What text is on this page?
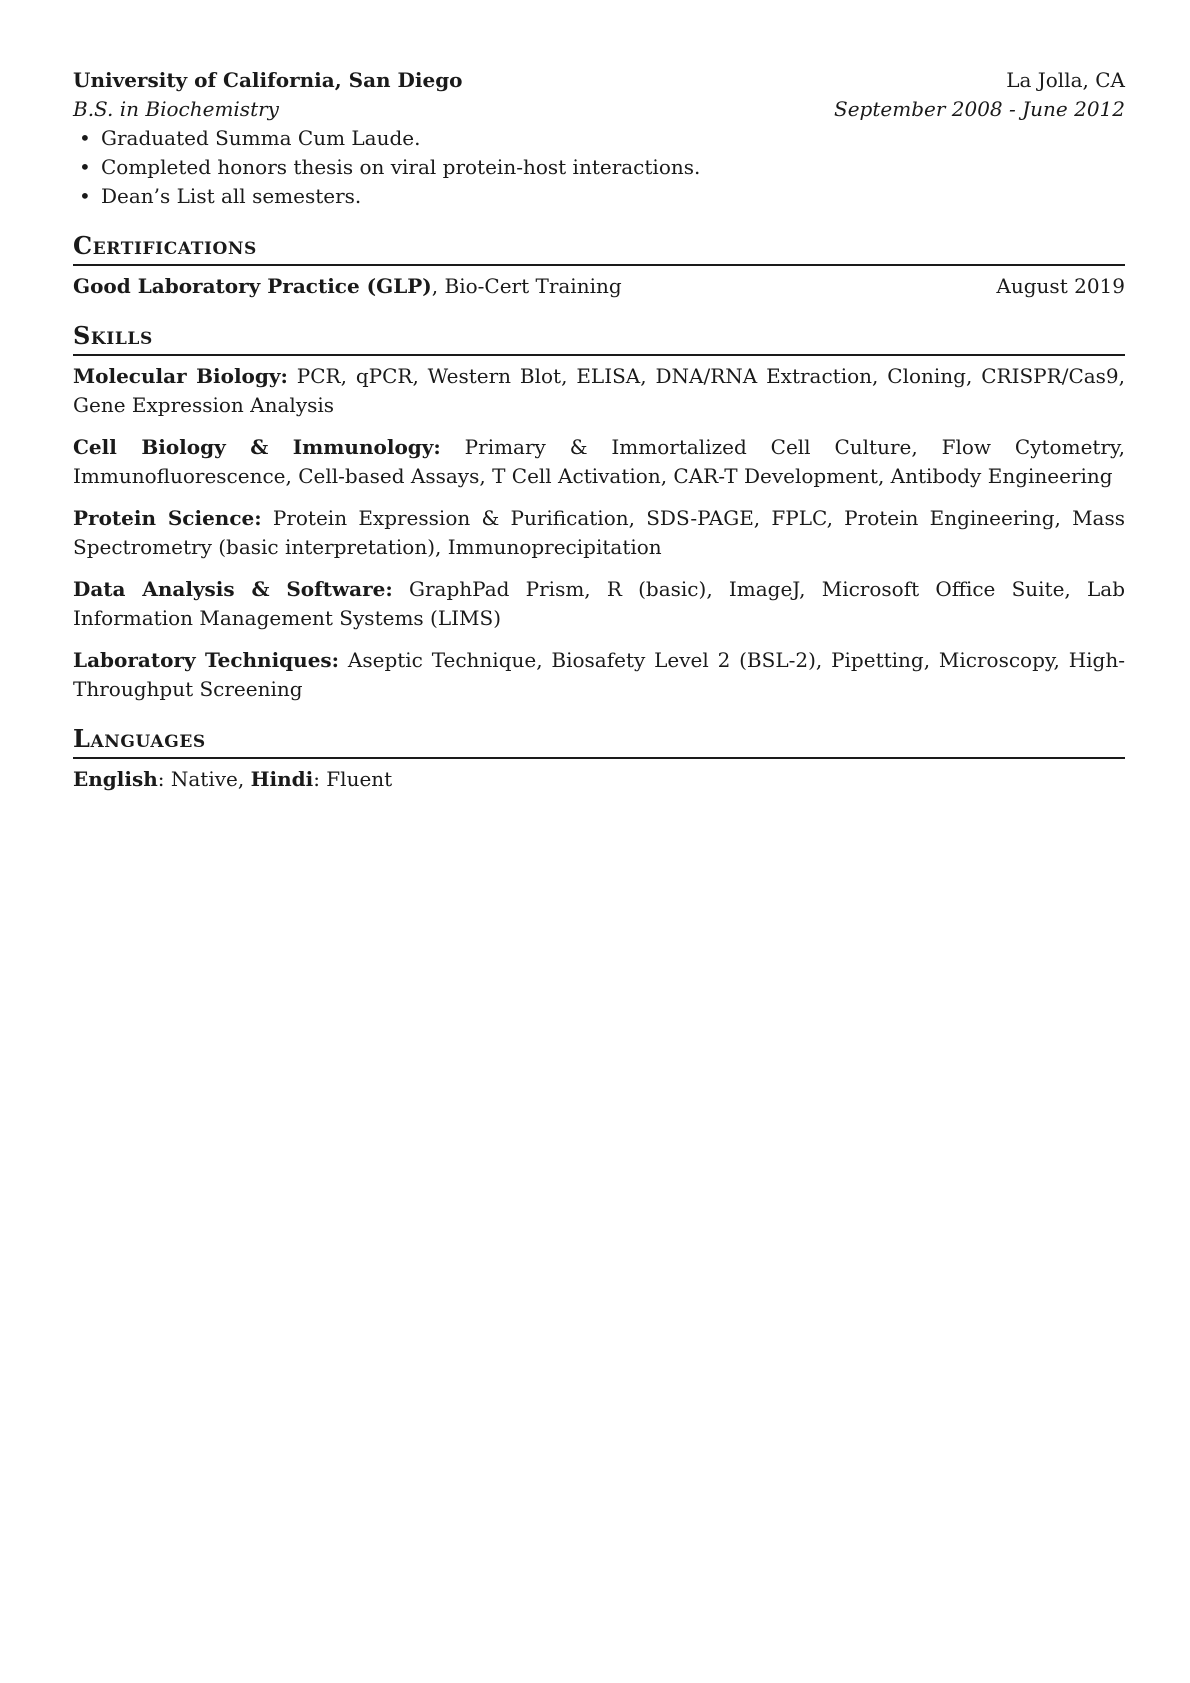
University of California, San Diego	La Jolla, CA
B.S. in Biochemistry	September 2008 - June 2012
• Graduated Summa Cum Laude.
• Completed honors thesis on viral protein-host interactions.
• Dean’s List all semesters.
Certifications
Good Laboratory Practice (GLP), Bio-Cert Training	August 2019
Skills
Molecular Biology: PCR, qPCR, Western Blot, ELISA, DNA/RNA Extraction, Cloning, CRISPR/Cas9, Gene Expression Analysis
Cell Biology & Immunology: Primary & Immortalized Cell Culture, Flow Cytometry, Immunofluorescence, Cell-based Assays, T Cell Activation, CAR-T Development, Antibody Engineering
Protein Science: Protein Expression & Purification, SDS-PAGE, FPLC, Protein Engineering, Mass Spectrometry (basic interpretation), Immunoprecipitation
Data Analysis & Software: GraphPad Prism, R (basic), ImageJ, Microsoft Office Suite, Lab Information Management Systems (LIMS)
Laboratory Techniques: Aseptic Technique, Biosafety Level 2 (BSL-2), Pipetting, Microscopy, High-Throughput Screening
Languages
English: Native, Hindi: Fluent
